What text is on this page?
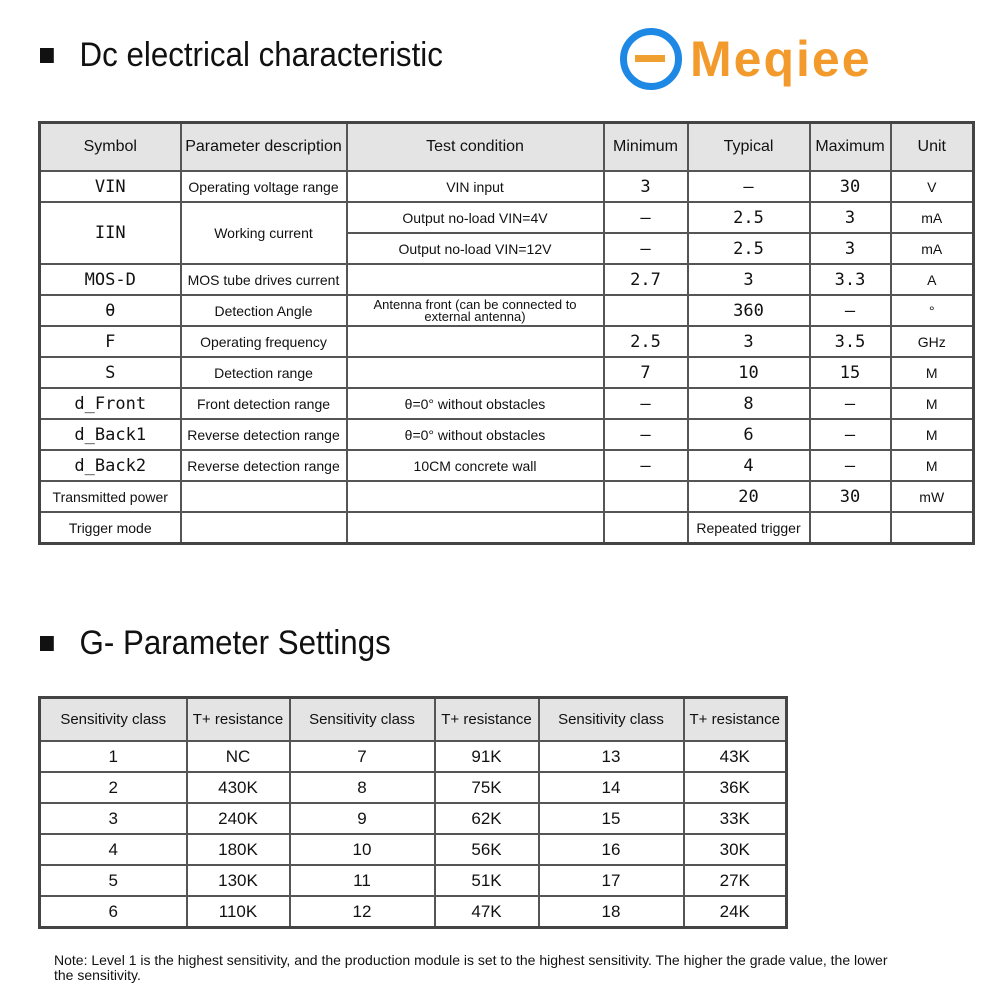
Dc electrical characteristic	Meqiee
Symbol	Parameter description	Test condition	Minimum	Typical	Maximum	Unit
VIN	Operating voltage range	VIN input	3	–	30	V
IIN	Working current	Output no-load VIN=4V	–	2.5	3	mA
		Output no-load VIN=12V	–	2.5	3	mA
MOS-D	MOS tube drives current		2.7	3	3.3	A
θ	Detection Angle	Antenna front (can be connected to external antenna)		360	–	°
F	Operating frequency		2.5	3	3.5	GHz
S	Detection range		7	10	15	M
d_Front	Front detection range	θ=0° without obstacles	–	8	–	M
d_Back1	Reverse detection range	θ=0° without obstacles	–	6	–	M
d_Back2	Reverse detection range	10CM concrete wall	–	4	–	M
Transmitted power				20	30	mW
Trigger mode				Repeated trigger		
G- Parameter Settings
Sensitivity class	T+ resistance	Sensitivity class	T+ resistance	Sensitivity class	T+ resistance
1	NC	7	91K	13	43K
2	430K	8	75K	14	36K
3	240K	9	62K	15	33K
4	180K	10	56K	16	30K
5	130K	11	51K	17	27K
6	110K	12	47K	18	24K
Note: Level 1 is the highest sensitivity, and the production module is set to the highest sensitivity. The higher the grade value, the lower the sensitivity.
